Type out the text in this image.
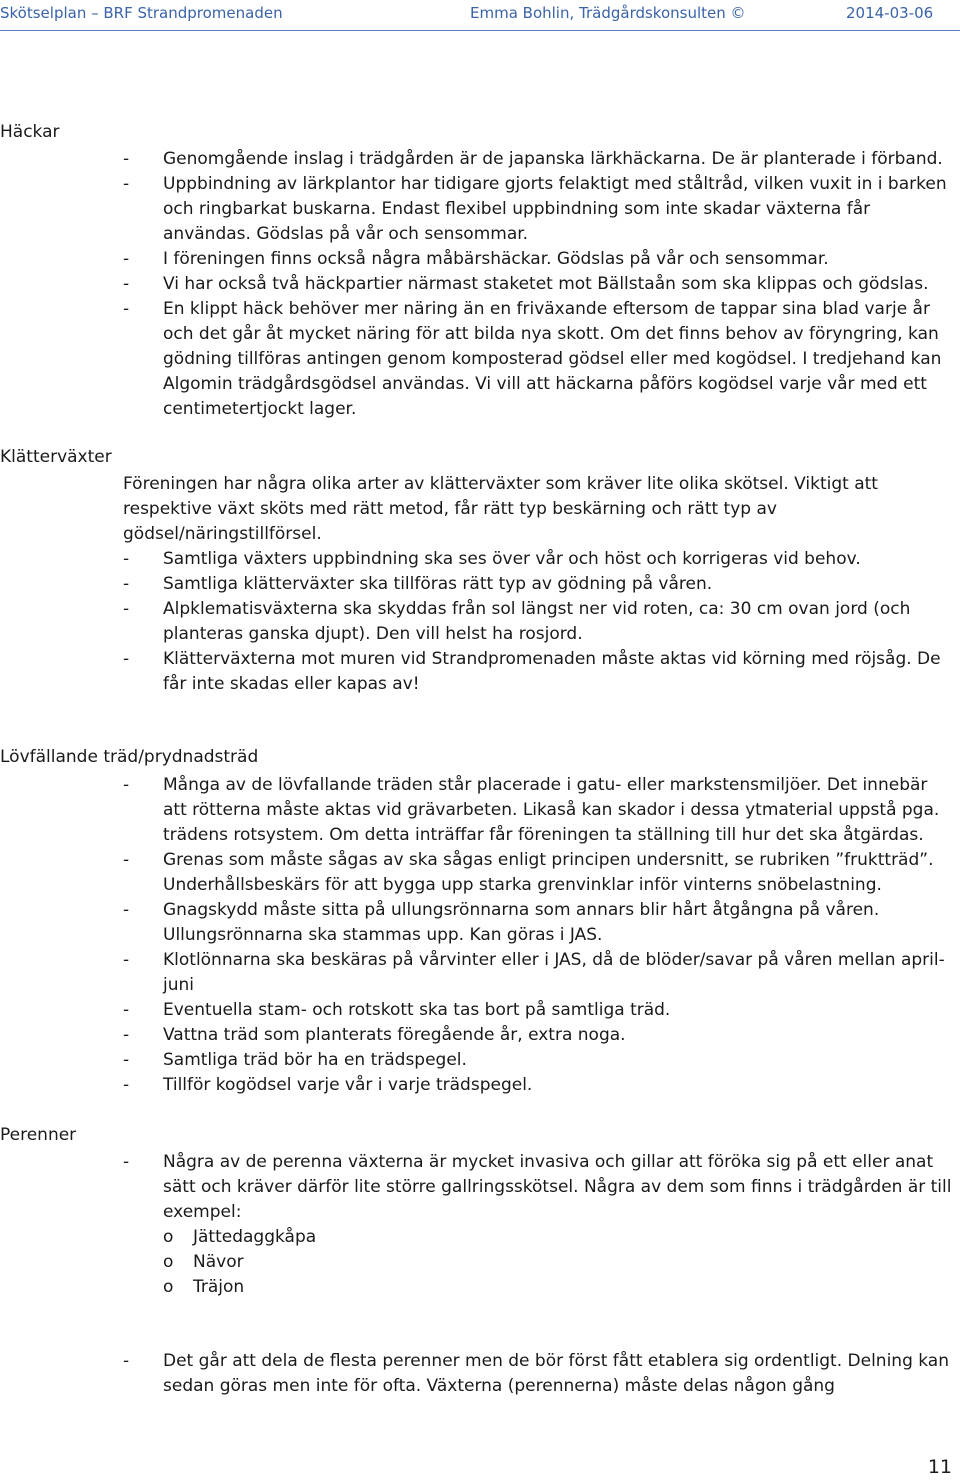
Skötselplan – BRF Strandpromenaden	Emma Bohlin, Trädgårdskonsulten ©	2014-03-06
Häckar
- Genomgående inslag i trädgården är de japanska lärkhäckarna. De är planterade i förband.
- Uppbindning av lärkplantor har tidigare gjorts felaktigt med ståltråd, vilken vuxit in i barken och ringbarkat buskarna. Endast flexibel uppbindning som inte skadar växterna får användas. Gödslas på vår och sensommar.
- I föreningen finns också några måbärshäckar. Gödslas på vår och sensommar.
- Vi har också två häckpartier närmast staketet mot Bällstaån som ska klippas och gödslas.
- En klippt häck behöver mer näring än en friväxande eftersom de tappar sina blad varje år och det går åt mycket näring för att bilda nya skott. Om det finns behov av föryngring, kan gödning tillföras antingen genom komposterad gödsel eller med kogödsel. I tredjehand kan Algomin trädgårdsgödsel användas. Vi vill att häckarna påförs kogödsel varje vår med ett centimetertjockt lager.
Klätterväxter

Föreningen har några olika arter av klätterväxter som kräver lite olika skötsel. Viktigt att respektive växt sköts med rätt metod, får rätt typ beskärning och rätt typ av gödsel/näringstillförsel.

- Samtliga växters uppbindning ska ses över vår och höst och korrigeras vid behov.
- Samtliga klätterväxter ska tillföras rätt typ av gödning på våren.
- Alpklematisväxterna ska skyddas från sol längst ner vid roten, ca: 30 cm ovan jord (och planteras ganska djupt). Den vill helst ha rosjord.
- Klätterväxterna mot muren vid Strandpromenaden måste aktas vid körning med röjsåg. De får inte skadas eller kapas av!
Lövfällande träd/prydnadsträd
- Många av de lövfallande träden står placerade i gatu- eller markstensmiljöer. Det innebär att rötterna måste aktas vid grävarbeten. Likaså kan skador i dessa ytmaterial uppstå pga. trädens rotsystem. Om detta inträffar får föreningen ta ställning till hur det ska åtgärdas.
- Grenas som måste sågas av ska sågas enligt principen undersnitt, se rubriken ”fruktträd”. Underhållsbeskärs för att bygga upp starka grenvinklar inför vinterns snöbelastning.
- Gnagskydd måste sitta på ullungsrönnarna som annars blir hårt åtgångna på våren. Ullungsrönnarna ska stammas upp. Kan göras i JAS.
- Klotlönnarna ska beskäras på vårvinter eller i JAS, då de blöder/savar på våren mellan april-juni
- Eventuella stam- och rotskott ska tas bort på samtliga träd.
- Vattna träd som planterats föregående år, extra noga.
- Samtliga träd bör ha en trädspegel.
- Tillför kogödsel varje vår i varje trädspegel.
Perenner
- Några av de perenna växterna är mycket invasiva och gillar att föröka sig på ett eller anat sätt och kräver därför lite större gallringsskötsel. Några av dem som finns i trädgården är till exempel:
o Jättedaggkåpa
o Nävor
o Träjon
- Det går att dela de flesta perenner men de bör först fått etablera sig ordentligt. Delning kan sedan göras men inte för ofta. Växterna (perennerna) måste delas någon gång
11
